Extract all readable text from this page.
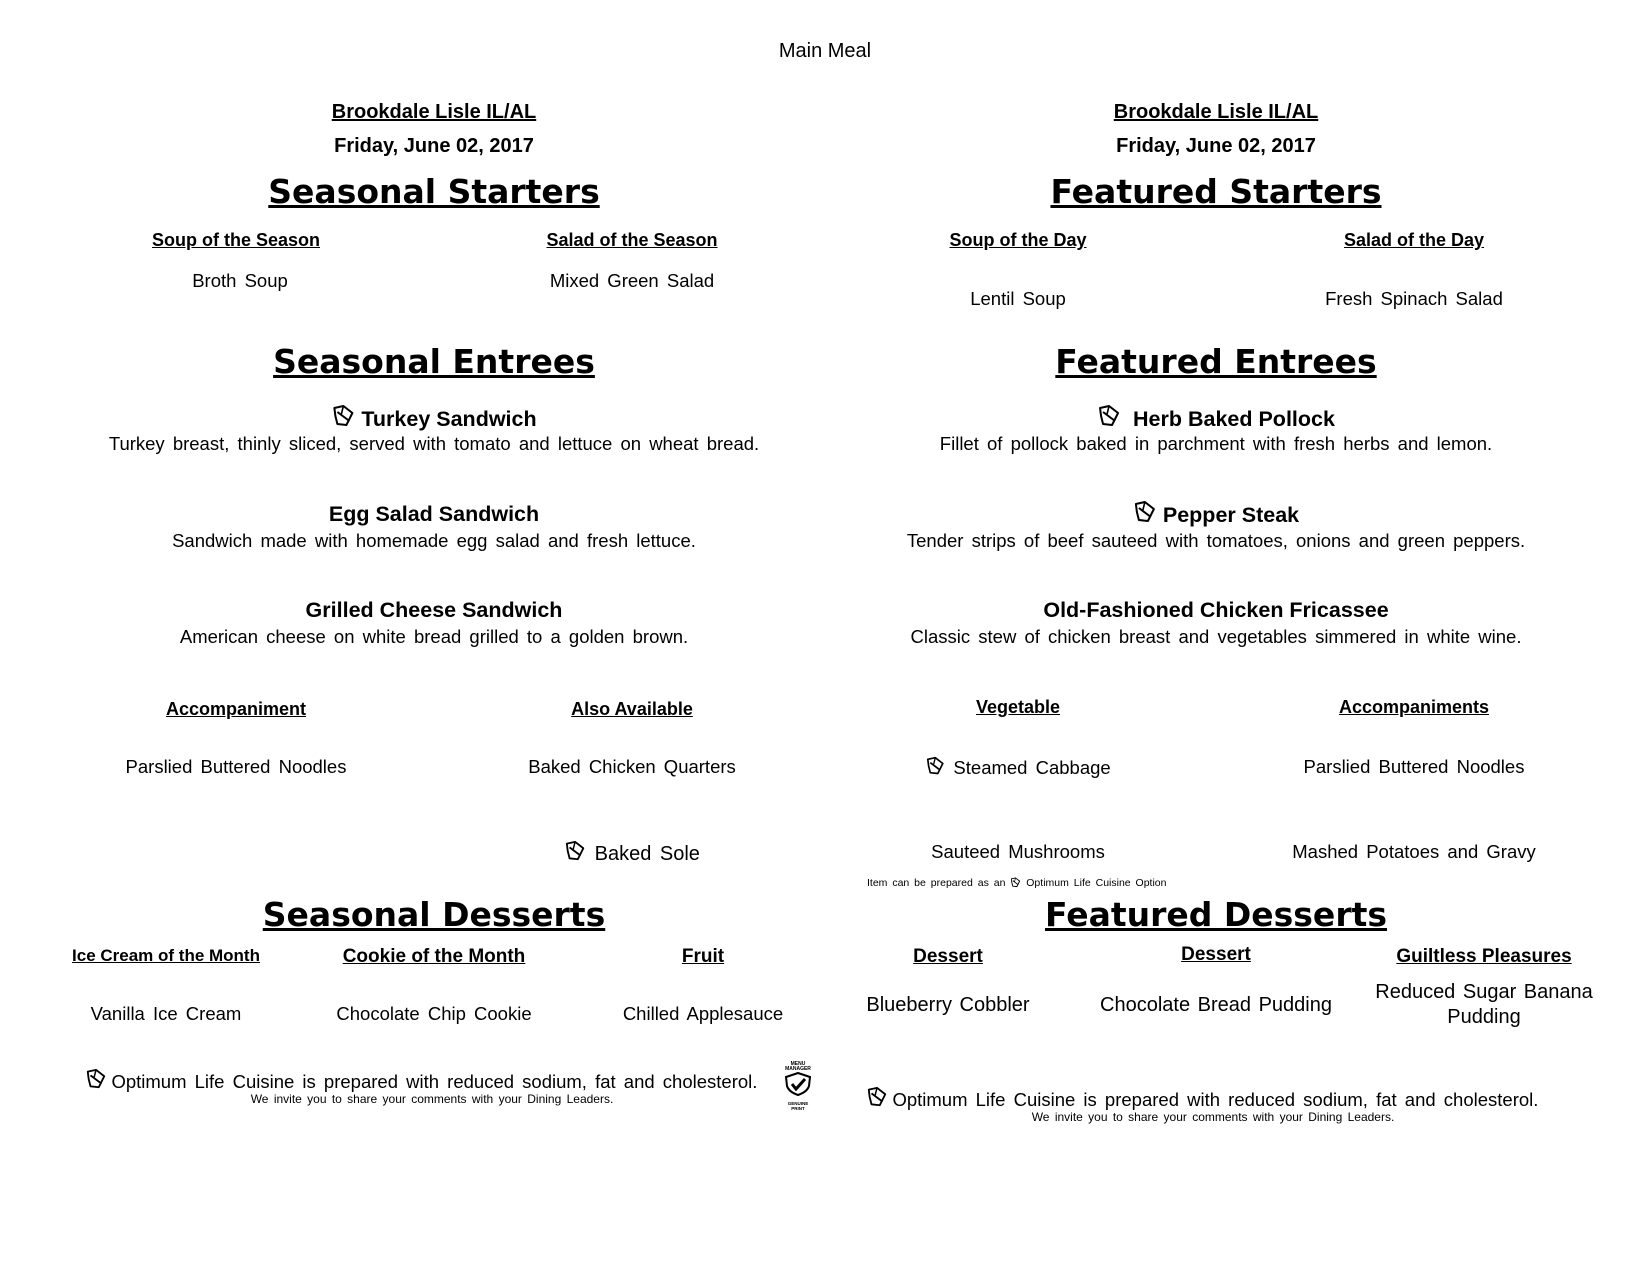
Main Meal
Brookdale Lisle IL/AL
Friday, June 02, 2017
Seasonal Starters
Soup of the Season
Broth Soup
Salad of the Season
Mixed Green Salad
Seasonal Entrees
Turkey Sandwich
Turkey breast, thinly sliced, served with tomato and lettuce on wheat bread.
Egg Salad Sandwich
Sandwich made with homemade egg salad and fresh lettuce.
Grilled Cheese Sandwich
American cheese on white bread grilled to a golden brown.
Accompaniment
Parslied Buttered Noodles
Also Available
Baked Chicken Quarters
Baked Sole
Seasonal Desserts
Ice Cream of the Month
Vanilla Ice Cream
Cookie of the Month
Chocolate Chip Cookie
Fruit
Chilled Applesauce
Optimum Life Cuisine is prepared with reduced sodium, fat and cholesterol.
We invite you to share your comments with your Dining Leaders.
MENU
MANAGER
GENUINE PRINT
Brookdale Lisle IL/AL
Friday, June 02, 2017
Featured Starters
Soup of the Day
Lentil Soup
Salad of the Day
Fresh Spinach Salad
Featured Entrees
Herb Baked Pollock
Fillet of pollock baked in parchment with fresh herbs and lemon.
Pepper Steak
Tender strips of beef sauteed with tomatoes, onions and green peppers.
Old-Fashioned Chicken Fricassee
Classic stew of chicken breast and vegetables simmered in white wine.
Vegetable
Steamed Cabbage
Sauteed Mushrooms
Accompaniments
Parslied Buttered Noodles
Mashed Potatoes and Gravy
Item can be prepared as an Optimum Life Cuisine Option
Featured Desserts
Dessert
Blueberry Cobbler
Dessert
Chocolate Bread Pudding
Guiltless Pleasures
Reduced Sugar Banana
Pudding
Optimum Life Cuisine is prepared with reduced sodium, fat and cholesterol.
We invite you to share your comments with your Dining Leaders.
